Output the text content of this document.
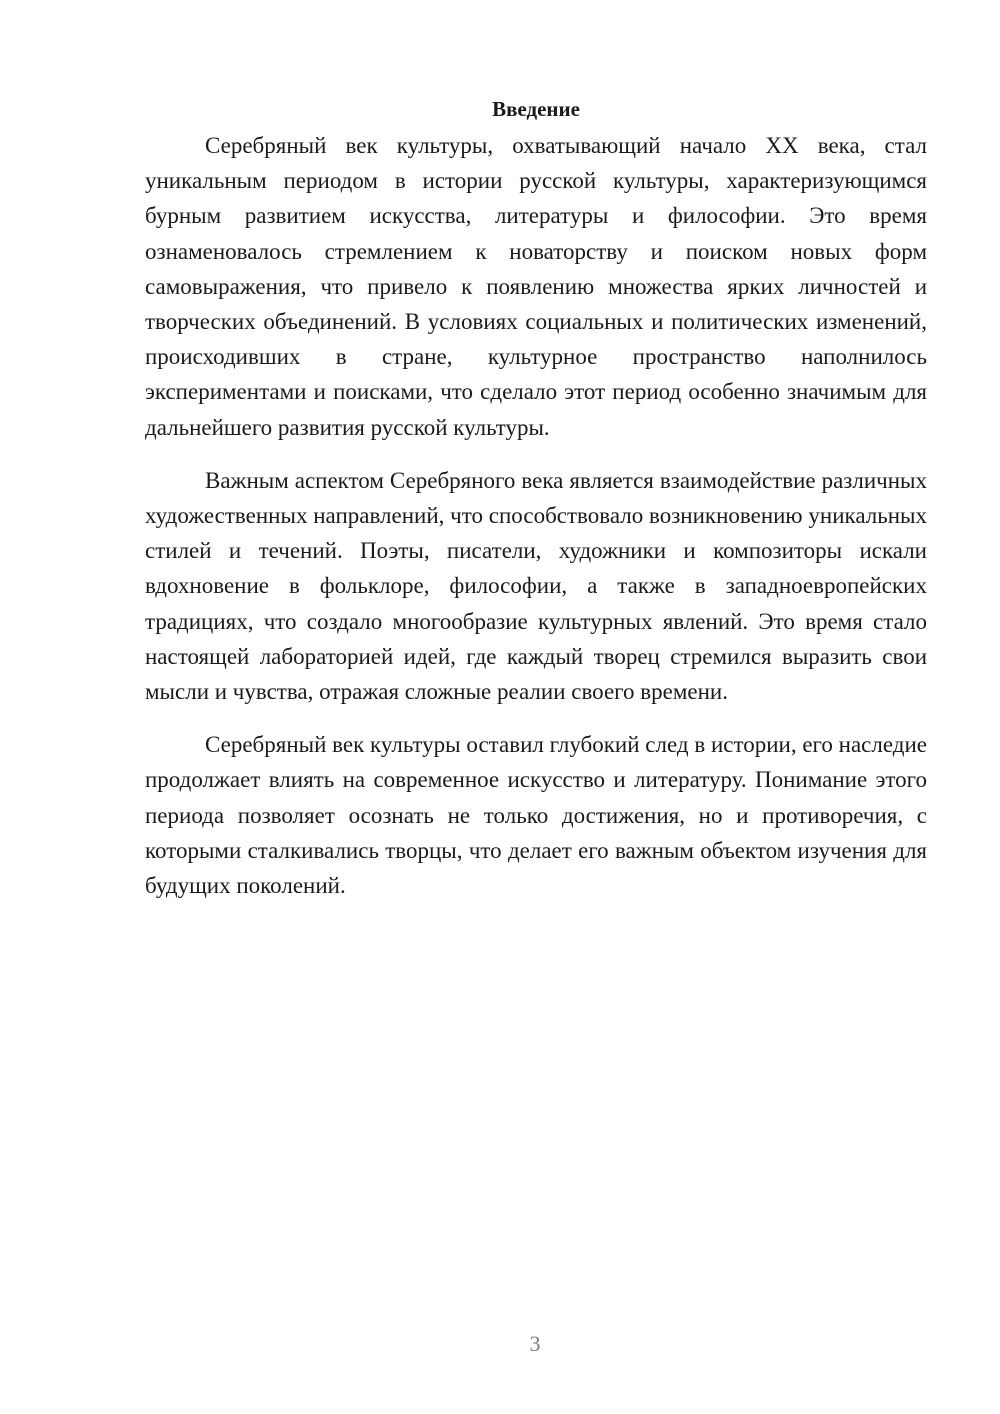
Введение

Серебряный век культуры, охватывающий начало XX века, стал уникальным периодом в истории русской культуры, характеризующимся бурным развитием искусства, литературы и философии. Это время ознаменовалось стремлением к новаторству и поиском новых форм самовыражения, что привело к появлению множества ярких личностей и творческих объединений. В условиях социальных и политических изменений, происходивших в стране, культурное пространство наполнилось экспериментами и поисками, что сделало этот период особенно значимым для дальнейшего развития русской культуры.

Важным аспектом Серебряного века является взаимодействие различных художественных направлений, что способствовало возникновению уникальных стилей и течений. Поэты, писатели, художники и композиторы искали вдохновение в фольклоре, философии, а также в западноевропейских традициях, что создало многообразие культурных явлений. Это время стало настоящей лабораторией идей, где каждый творец стремился выразить свои мысли и чувства, отражая сложные реалии своего времени.

Серебряный век культуры оставил глубокий след в истории, его наследие продолжает влиять на современное искусство и литературу. Понимание этого периода позволяет осознать не только достижения, но и противоречия, с которыми сталкивались творцы, что делает его важным объектом изучения для будущих поколений.

3
